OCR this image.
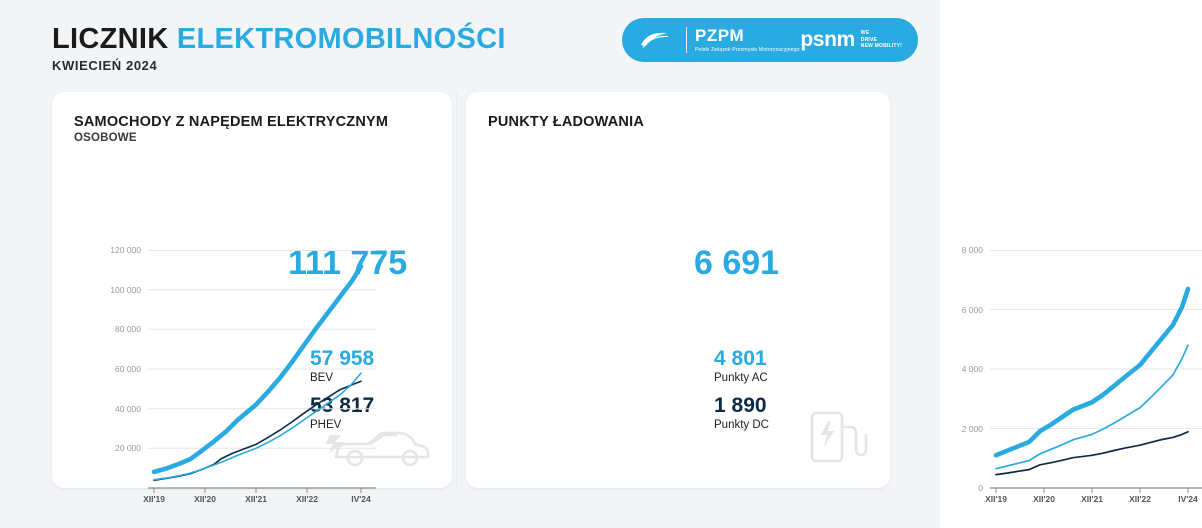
LICZNIK ELEKTROMOBILNOŚCI
KWIECIEŃ 2024
PZPM
Polski Związek Przemysłu Motoryzacyjnego psnm WE
DRIVE
NEW MOBILITY!
SAMOCHODY Z NAPĘDEM ELEKTRYCZNYM
OSOBOWE
111 775
57 958
BEV
53 817
PHEV
120 000
100 000
80 000
60 000
40 000
20 000
XII'19	XII'20	XII'21	XII'22	IV'24
PUNKTY ŁADOWANIA
6 691
4 801
Punkty AC
1 890
Punkty DC
8 000
6 000
4 000
2 000
0
XII'19	XII'20	XII'21	XII'22	IV'24
